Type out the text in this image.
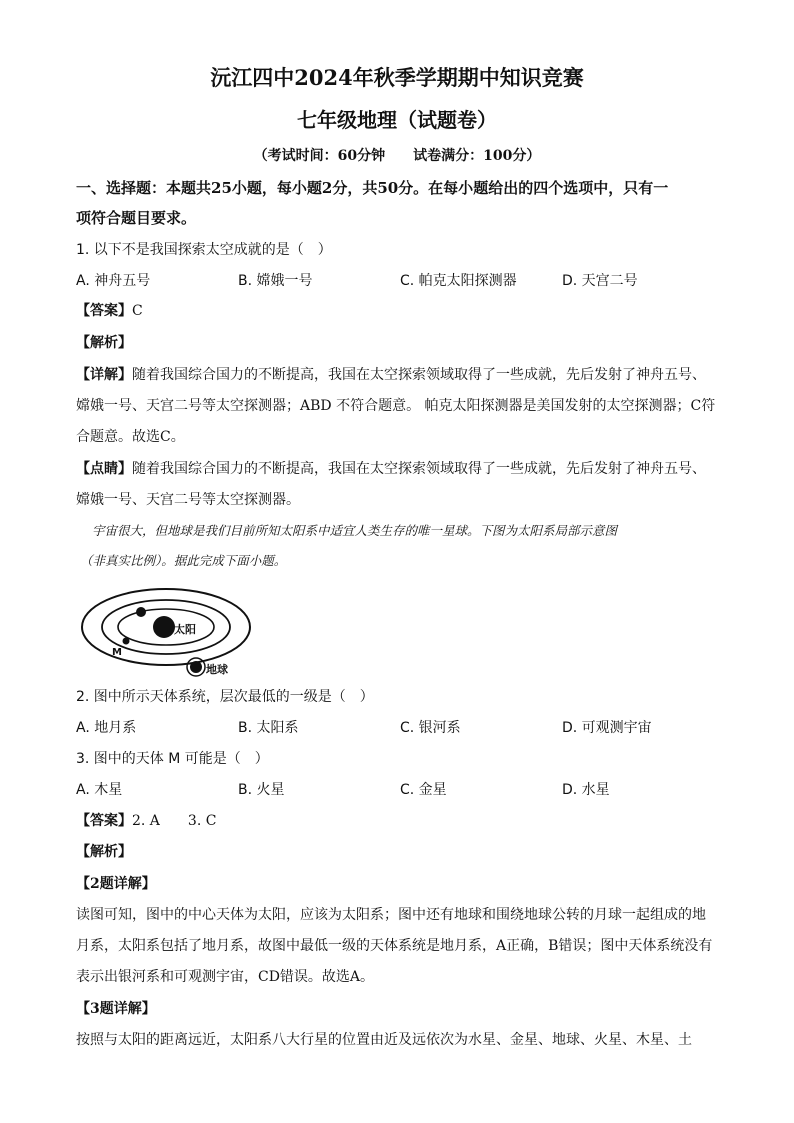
沅江四中2024年秋季学期期中知识竞赛
七年级地理（试题卷）
（考试时间：60分钟　　试卷满分：100分）
一、选择题：本题共25小题，每小题2分，共50分。在每小题给出的四个选项中，只有一
项符合题目要求。
1. 以下不是我国探索太空成就的是（　）
A. 神舟五号	B. 嫦娥一号	C. 帕克太阳探测器	D. 天宫二号
【答案】C
【解析】
【详解】随着我国综合国力的不断提高，我国在太空探索领域取得了一些成就，先后发射了神舟五号、
嫦娥一号、天宫二号等太空探测器；ABD 不符合题意。 帕克太阳探测器是美国发射的太空探测器；C符
合题意。故选C。
【点睛】随着我国综合国力的不断提高，我国在太空探索领域取得了一些成就，先后发射了神舟五号、
嫦娥一号、天宫二号等太空探测器。
宇宙很大，但地球是我们目前所知太阳系中适宜人类生存的唯一星球。下图为太阳系局部示意图
（非真实比例）。据此完成下面小题。
太阳
M
地球
2. 图中所示天体系统，层次最低的一级是（　）
A. 地月系	B. 太阳系	C. 银河系	D. 可观测宇宙
3. 图中的天体 M 可能是（　）
A. 木星	B. 火星	C. 金星	D. 水星
【答案】2. A　　3. C
【解析】
【2题详解】
读图可知，图中的中心天体为太阳，应该为太阳系；图中还有地球和围绕地球公转的月球一起组成的地
月系，太阳系包括了地月系，故图中最低一级的天体系统是地月系，A正确，B错误；图中天体系统没有
表示出银河系和可观测宇宙，CD错误。故选A。
【3题详解】
按照与太阳的距离远近，太阳系八大行星的位置由近及远依次为水星、金星、地球、火星、木星、土
